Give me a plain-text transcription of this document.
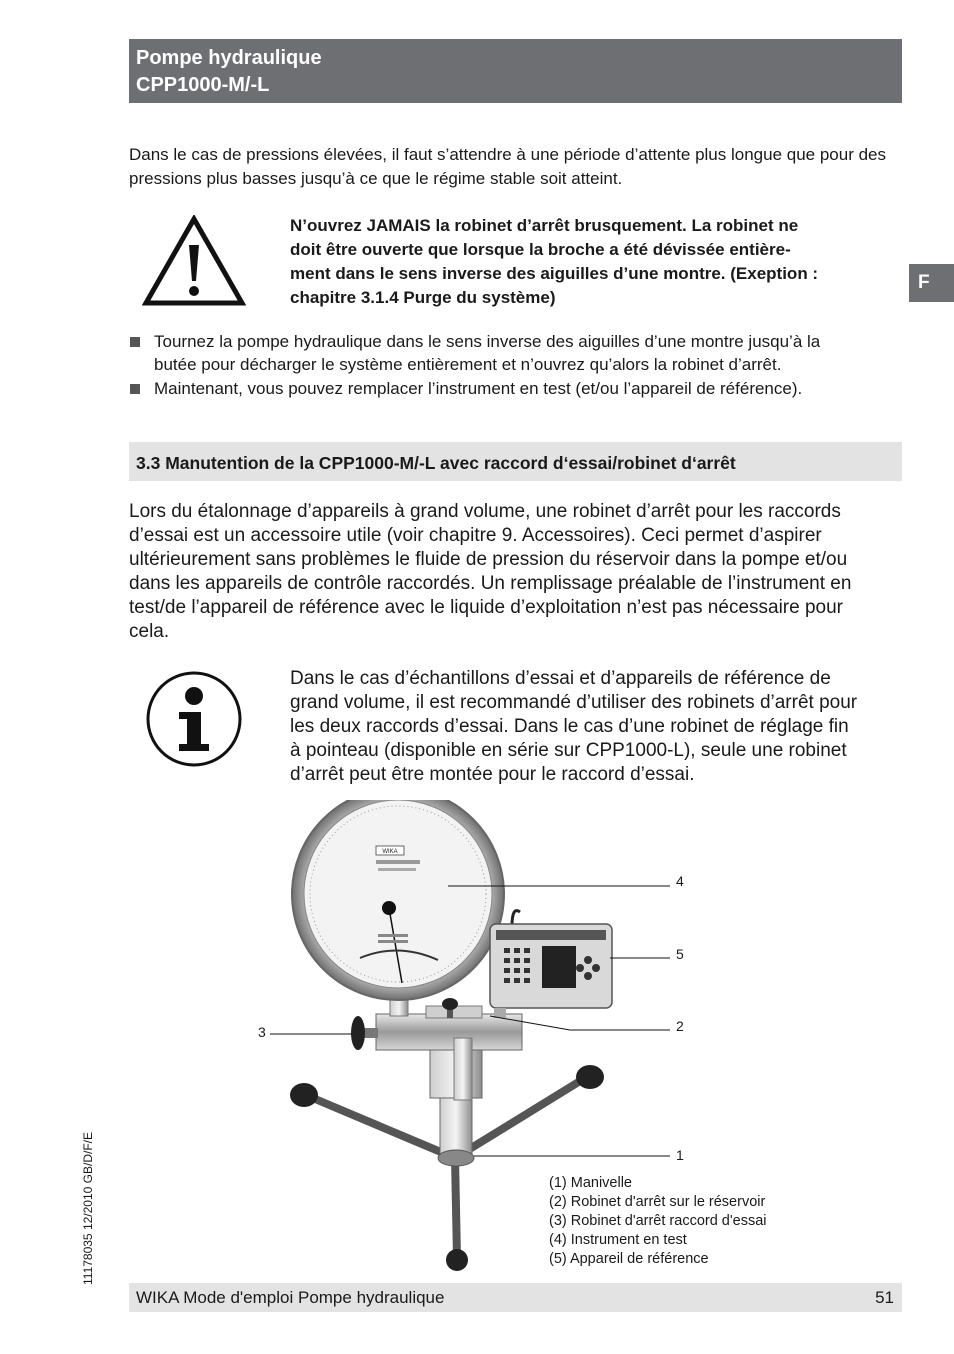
Pompe hydraulique
CPP1000-M/-L
F

Dans le cas de pressions élevées, il faut s’attendre à une période d’attente plus longue que pour des pressions plus basses jusqu’à ce que le régime stable soit atteint.

N’ouvrez JAMAIS la robinet d’arrêt brusquement. La robinet ne
doit être ouverte que lorsque la broche a été dévissée entière-
ment dans le sens inverse des aiguilles d’une montre. (Exeption :
chapitre 3.1.4 Purge du système)
Tournez la pompe hydraulique dans le sens inverse des aiguilles d’une montre jusqu’à la
butée pour décharger le système entièrement et n’ouvrez qu’alors la robinet d’arrêt.
Maintenant, vous pouvez remplacer l’instrument en test (et/ou l’appareil de référence).
3.3 Manutention de la CPP1000-M/-L avec raccord d‘essai/robinet d‘arrêt
Lors du étalonnage d’appareils à grand volume, une robinet d’arrêt pour les raccords
d’essai est un accessoire utile (voir chapitre 9. Accessoires). Ceci permet d’aspirer
ultérieurement sans problèmes le fluide de pression du réservoir dans la pompe et/ou
dans les appareils de contrôle raccordés. Un remplissage préalable de l’instrument en
test/de l’appareil de référence avec le liquide d’exploitation n’est pas nécessaire pour
cela.
Dans le cas d’échantillons d’essai et d’appareils de référence de
grand volume, il est recommandé d’utiliser des robinets d’arrêt pour
les deux raccords d’essai. Dans le cas d’une robinet de réglage fin
à pointeau (disponible en série sur CPP1000-L), seule une robinet
d’arrêt peut être montée pour le raccord d’essai.
WIKA
4
5
2
3
1
(1) Manivelle
(2) Robinet d'arrêt sur le réservoir
(3) Robinet d'arrêt raccord d'essai
(4) Instrument en test
(5) Appareil de référence
11178035 12/2010 GB/D/F/E
WIKA Mode d'emploi Pompe hydraulique	51
